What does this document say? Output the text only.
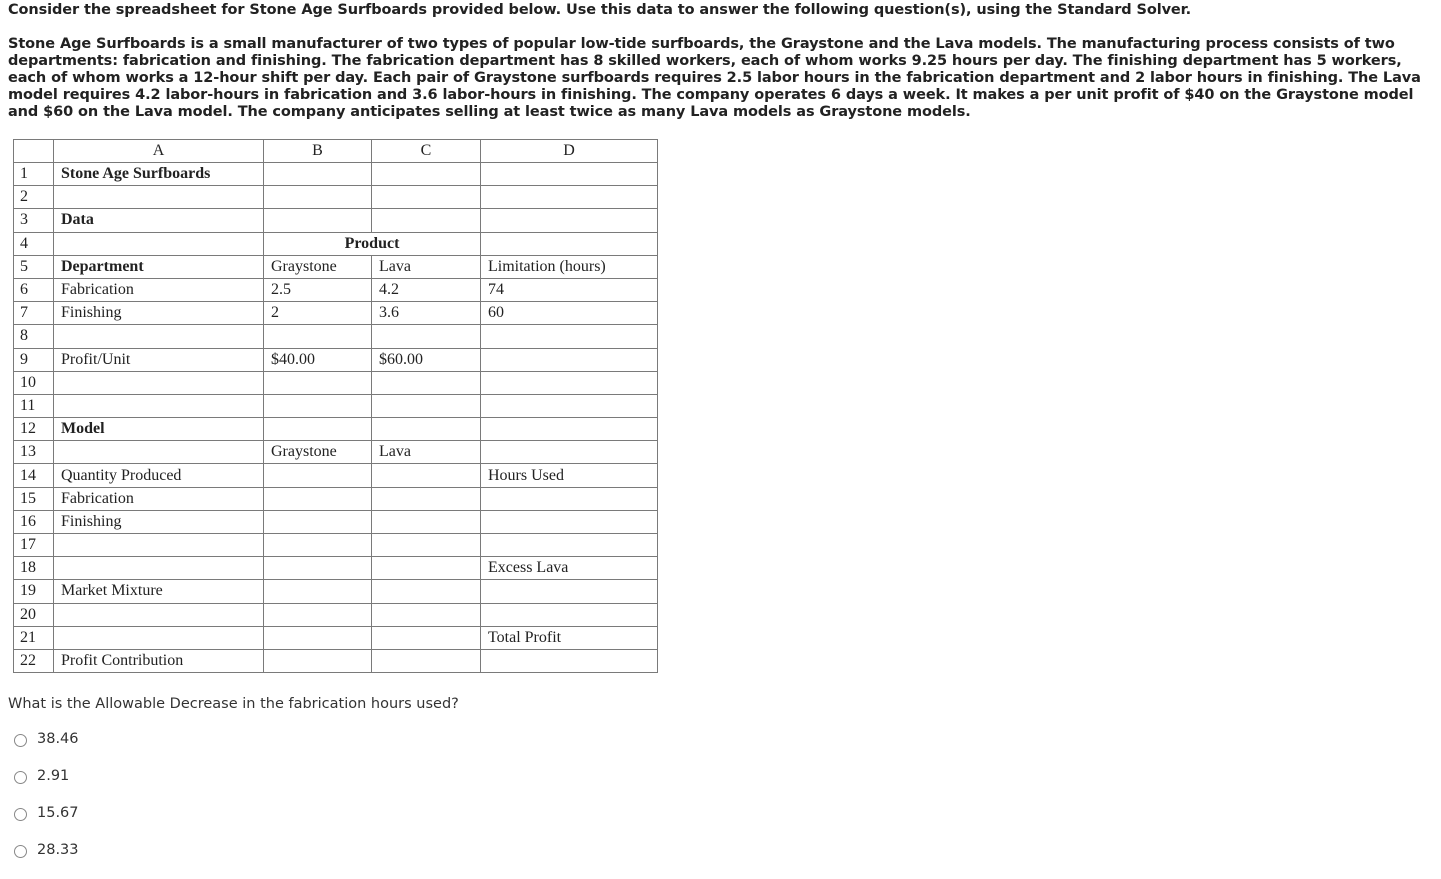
Consider the spreadsheet for Stone Age Surfboards provided below. Use this data to answer the following question(s), using the Standard Solver.

Stone Age Surfboards is a small manufacturer of two types of popular low-tide surfboards, the Graystone and the Lava models. The manufacturing process consists of two departments: fabrication and finishing. The fabrication department has 8 skilled workers, each of whom works 9.25 hours per day. The finishing department has 5 workers, each of whom works a 12-hour shift per day. Each pair of Graystone surfboards requires 2.5 labor hours in the fabrication department and 2 labor hours in finishing. The Lava model requires 4.2 labor-hours in fabrication and 3.6 labor-hours in finishing. The company operates 6 days a week. It makes a per unit profit of $40 on the Graystone model and $60 on the Lava model. The company anticipates selling at least twice as many Lava models as Graystone models.

	A	B	C	D
1	Stone Age Surfboards			
2				
3	Data			
4		Product		
5	Department	Graystone	Lava	Limitation (hours)
6	Fabrication	2.5	4.2	74
7	Finishing	2	3.6	60
8				
9	Profit/Unit	$40.00	$60.00	
10				
11				
12	Model			
13		Graystone	Lava	
14	Quantity Produced			Hours Used
15	Fabrication			
16	Finishing			
17				
18				Excess Lava
19	Market Mixture			
20				
21				Total Profit
22	Profit Contribution			
What is the Allowable Decrease in the fabrication hours used?
38.46
2.91
15.67
28.33
